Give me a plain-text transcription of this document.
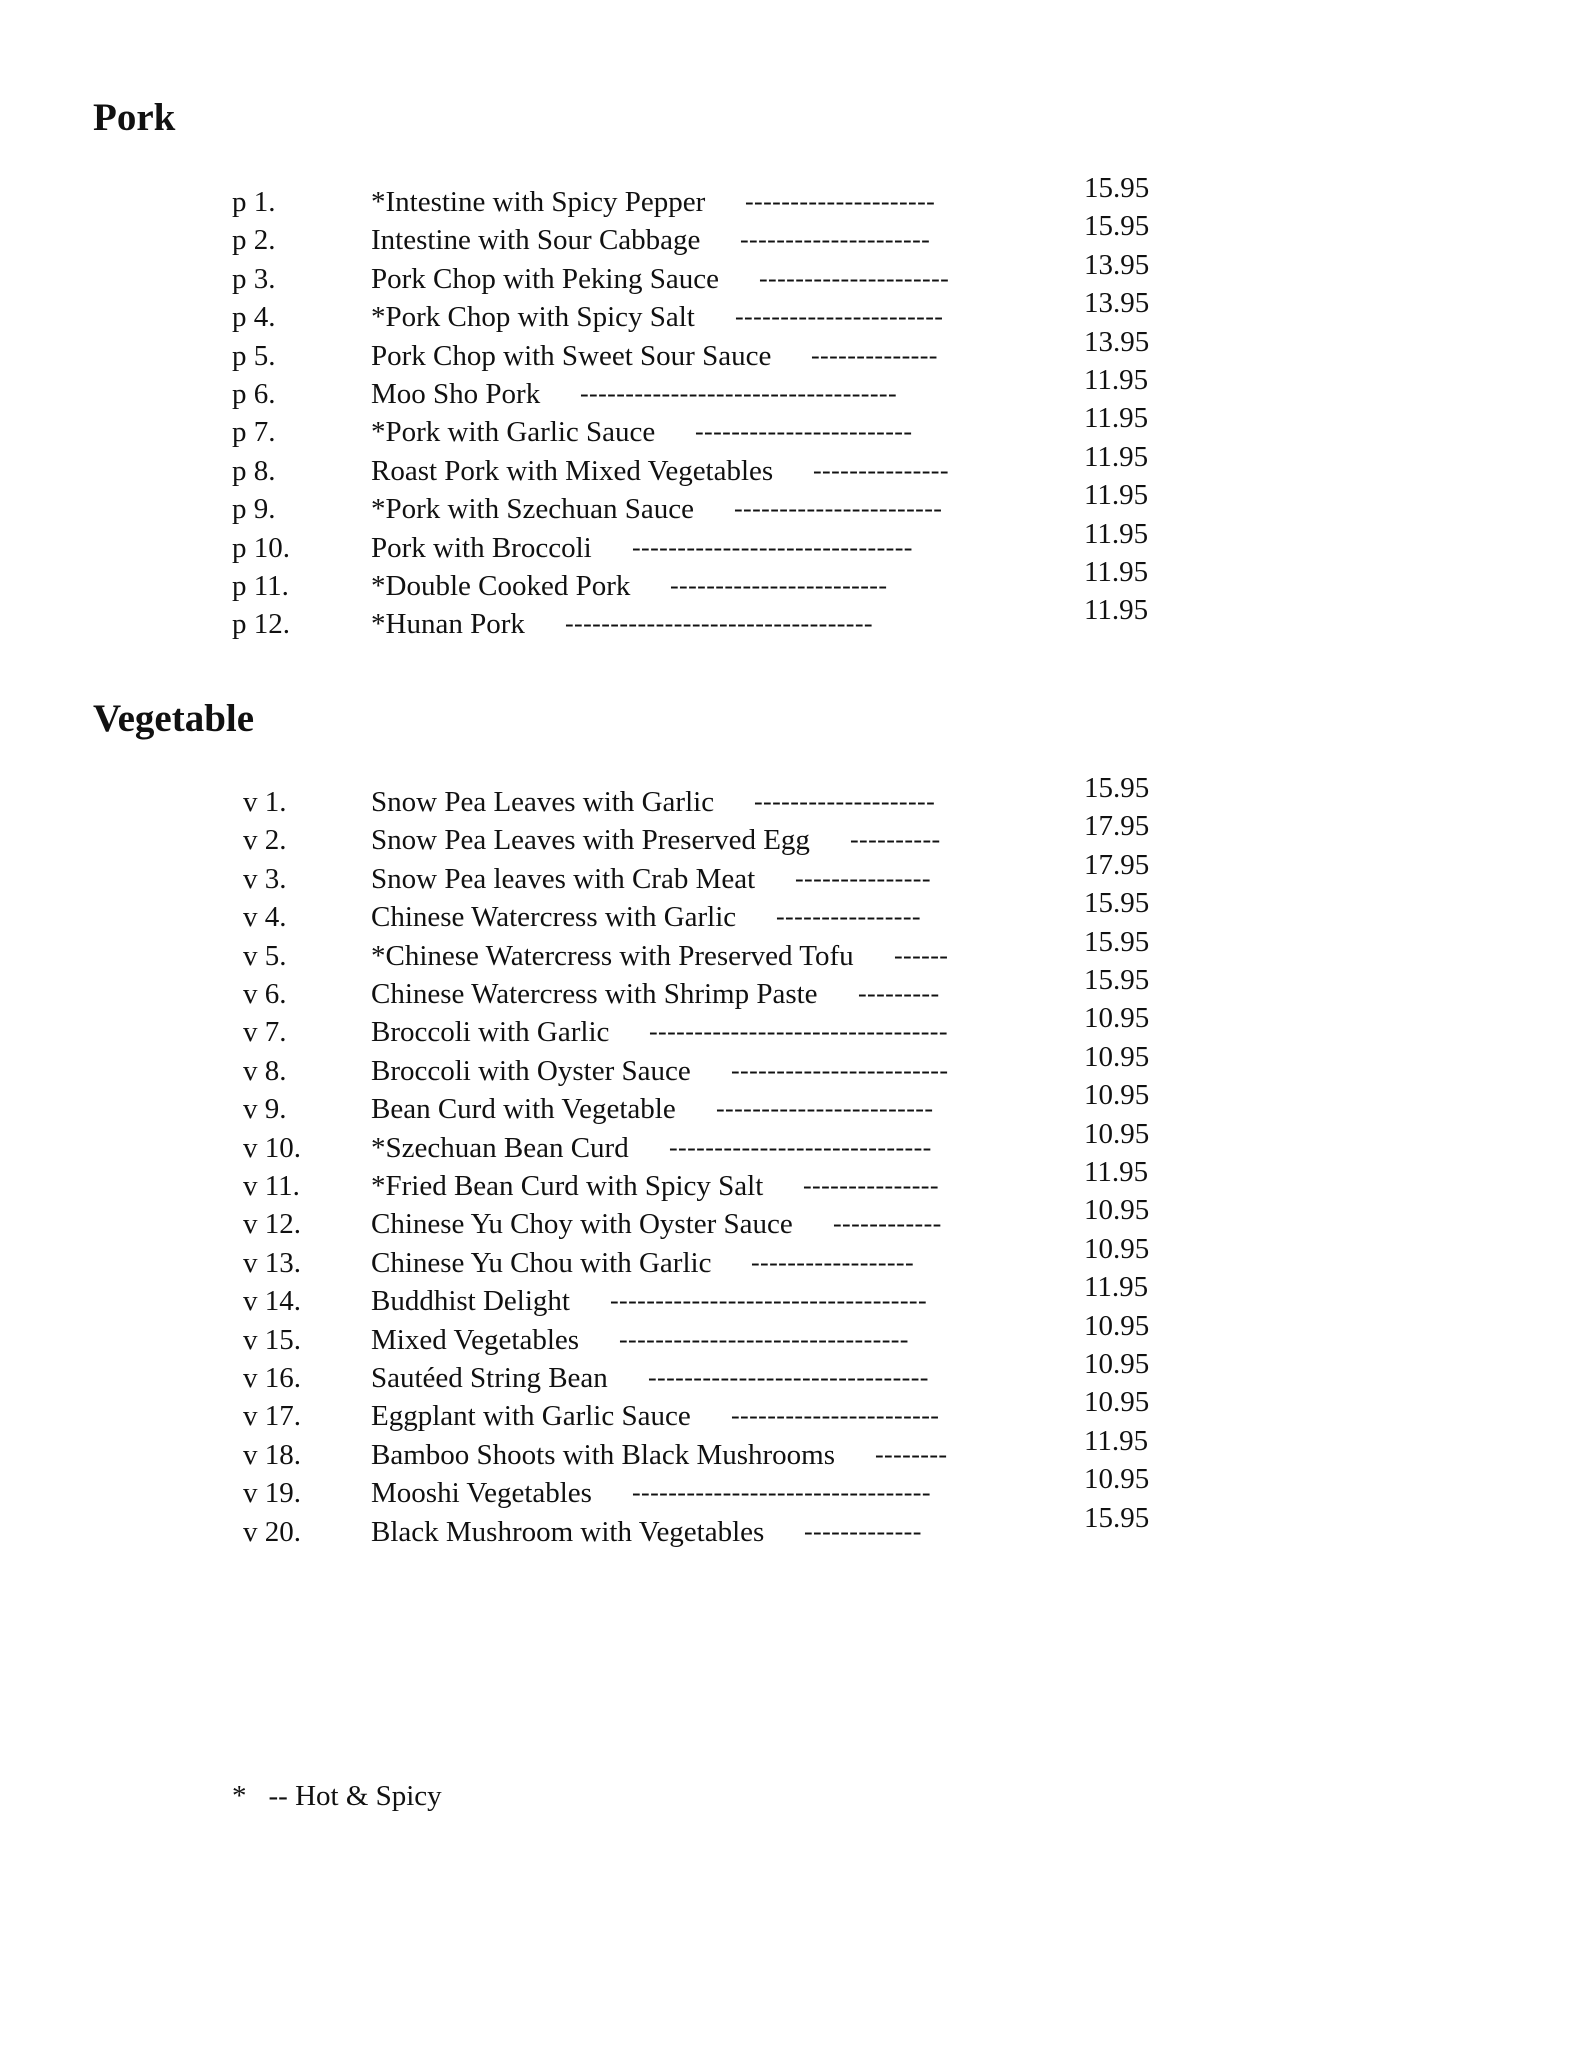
Pork
p 1.	*Intestine with Spicy Pepper ---------------------	15.95
p 2.	Intestine with Sour Cabbage ---------------------	15.95
p 3.	Pork Chop with Peking Sauce ---------------------	13.95
p 4.	*Pork Chop with Spicy Salt -----------------------	13.95
p 5.	Pork Chop with Sweet Sour Sauce --------------	13.95
p 6.	Moo Sho Pork -----------------------------------	11.95
p 7.	*Pork with Garlic Sauce ------------------------	11.95
p 8.	Roast Pork with Mixed Vegetables ---------------	11.95
p 9.	*Pork with Szechuan Sauce -----------------------	11.95
p 10.	Pork with Broccoli -------------------------------	11.95
p 11.	*Double Cooked Pork ------------------------	11.95
p 12.	*Hunan Pork ----------------------------------	11.95
Vegetable
v 1.	Snow Pea Leaves with Garlic --------------------	15.95
v 2.	Snow Pea Leaves with Preserved Egg ----------	17.95
v 3.	Snow Pea leaves with Crab Meat ---------------	17.95
v 4.	Chinese Watercress with Garlic ----------------	15.95
v 5.	*Chinese Watercress with Preserved Tofu ------	15.95
v 6.	Chinese Watercress with Shrimp Paste ---------	15.95
v 7.	Broccoli with Garlic ---------------------------------	10.95
v 8.	Broccoli with Oyster Sauce ------------------------	10.95
v 9.	Bean Curd with Vegetable ------------------------	10.95
v 10. *Szechuan Bean Curd -----------------------------	10.95
v 11. *Fried Bean Curd with Spicy Salt ---------------	11.95
v 12. Chinese Yu Choy with Oyster Sauce ------------	10.95
v 13. Chinese Yu Chou with Garlic ------------------	10.95
v 14. Buddhist Delight -----------------------------------	11.95
v 15. Mixed Vegetables --------------------------------	10.95
v 16. Sautéed String Bean -------------------------------	10.95
v 17. Eggplant with Garlic Sauce -----------------------	10.95
v 18. Bamboo Shoots with Black Mushrooms --------	11.95
v 19. Mooshi Vegetables ---------------------------------	10.95
v 20. Black Mushroom with Vegetables -------------	15.95
* -- Hot & Spicy
